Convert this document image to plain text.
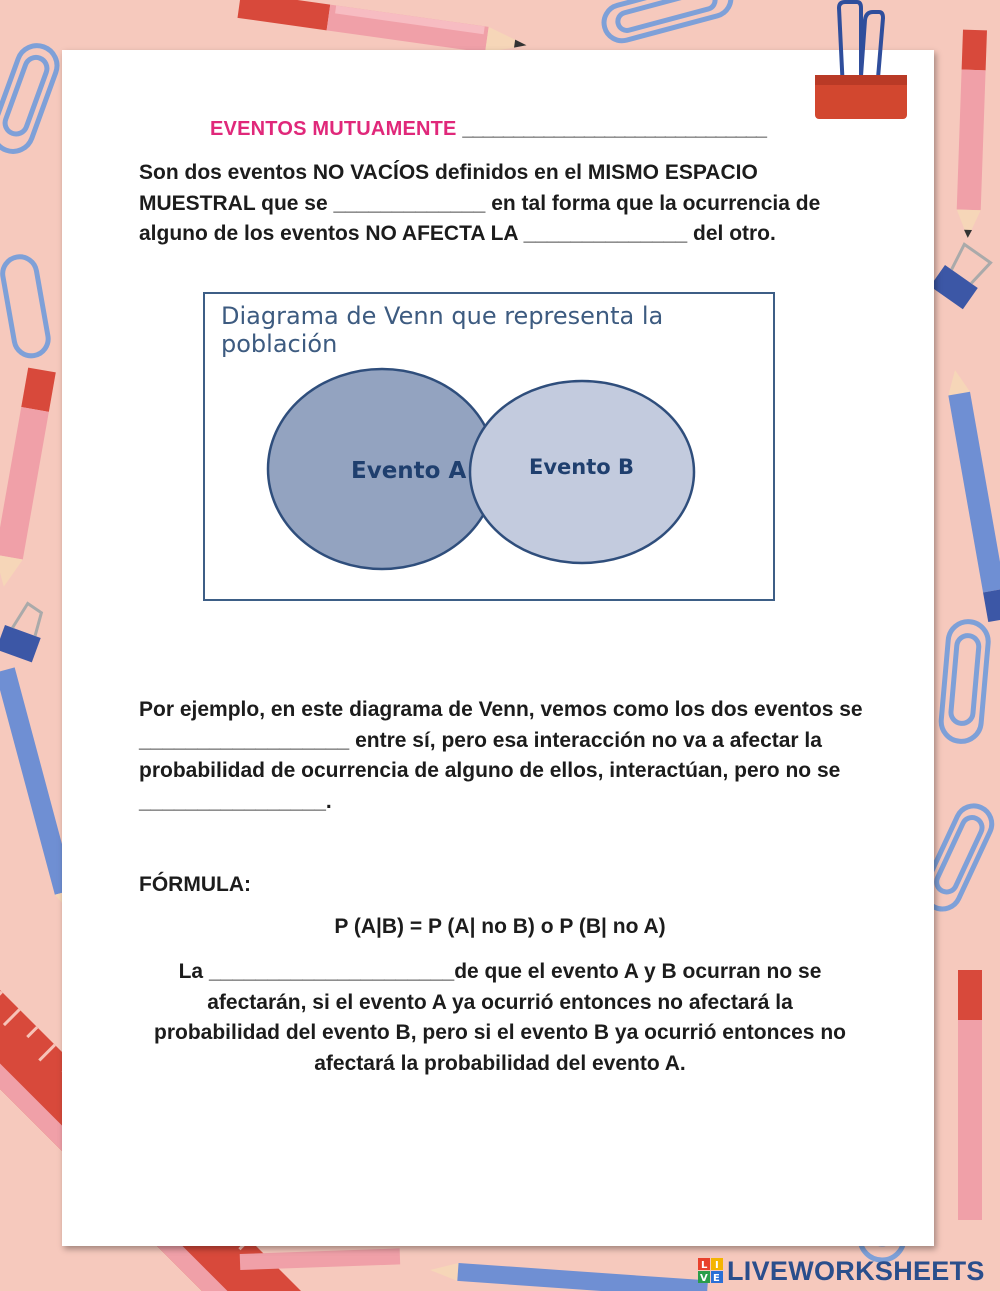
EVENTOS MUTUAMENTE ______________________________
Son dos eventos NO VACÍOS definidos en el MISMO ESPACIO MUESTRAL que se _____________ en tal forma que la ocurrencia de alguno de los eventos NO AFECTA LA ______________ del otro.
Diagrama de Venn que representa la población
Evento A	Evento B
Por ejemplo, en este diagrama de Venn, vemos como los dos eventos se __________________ entre sí, pero esa interacción no va a afectar la probabilidad de ocurrencia de alguno de ellos, interactúan, pero no se ________________.
FÓRMULA:
P (A|B) = P (A| no B) o P (B| no A)
La _____________________de que el evento A y B ocurran no se afectarán, si el evento A ya ocurrió entonces no afectará la probabilidad del evento B, pero si el evento B ya ocurrió entonces no afectará la probabilidad del evento A.
L I
V E LIVEWORKSHEETS
